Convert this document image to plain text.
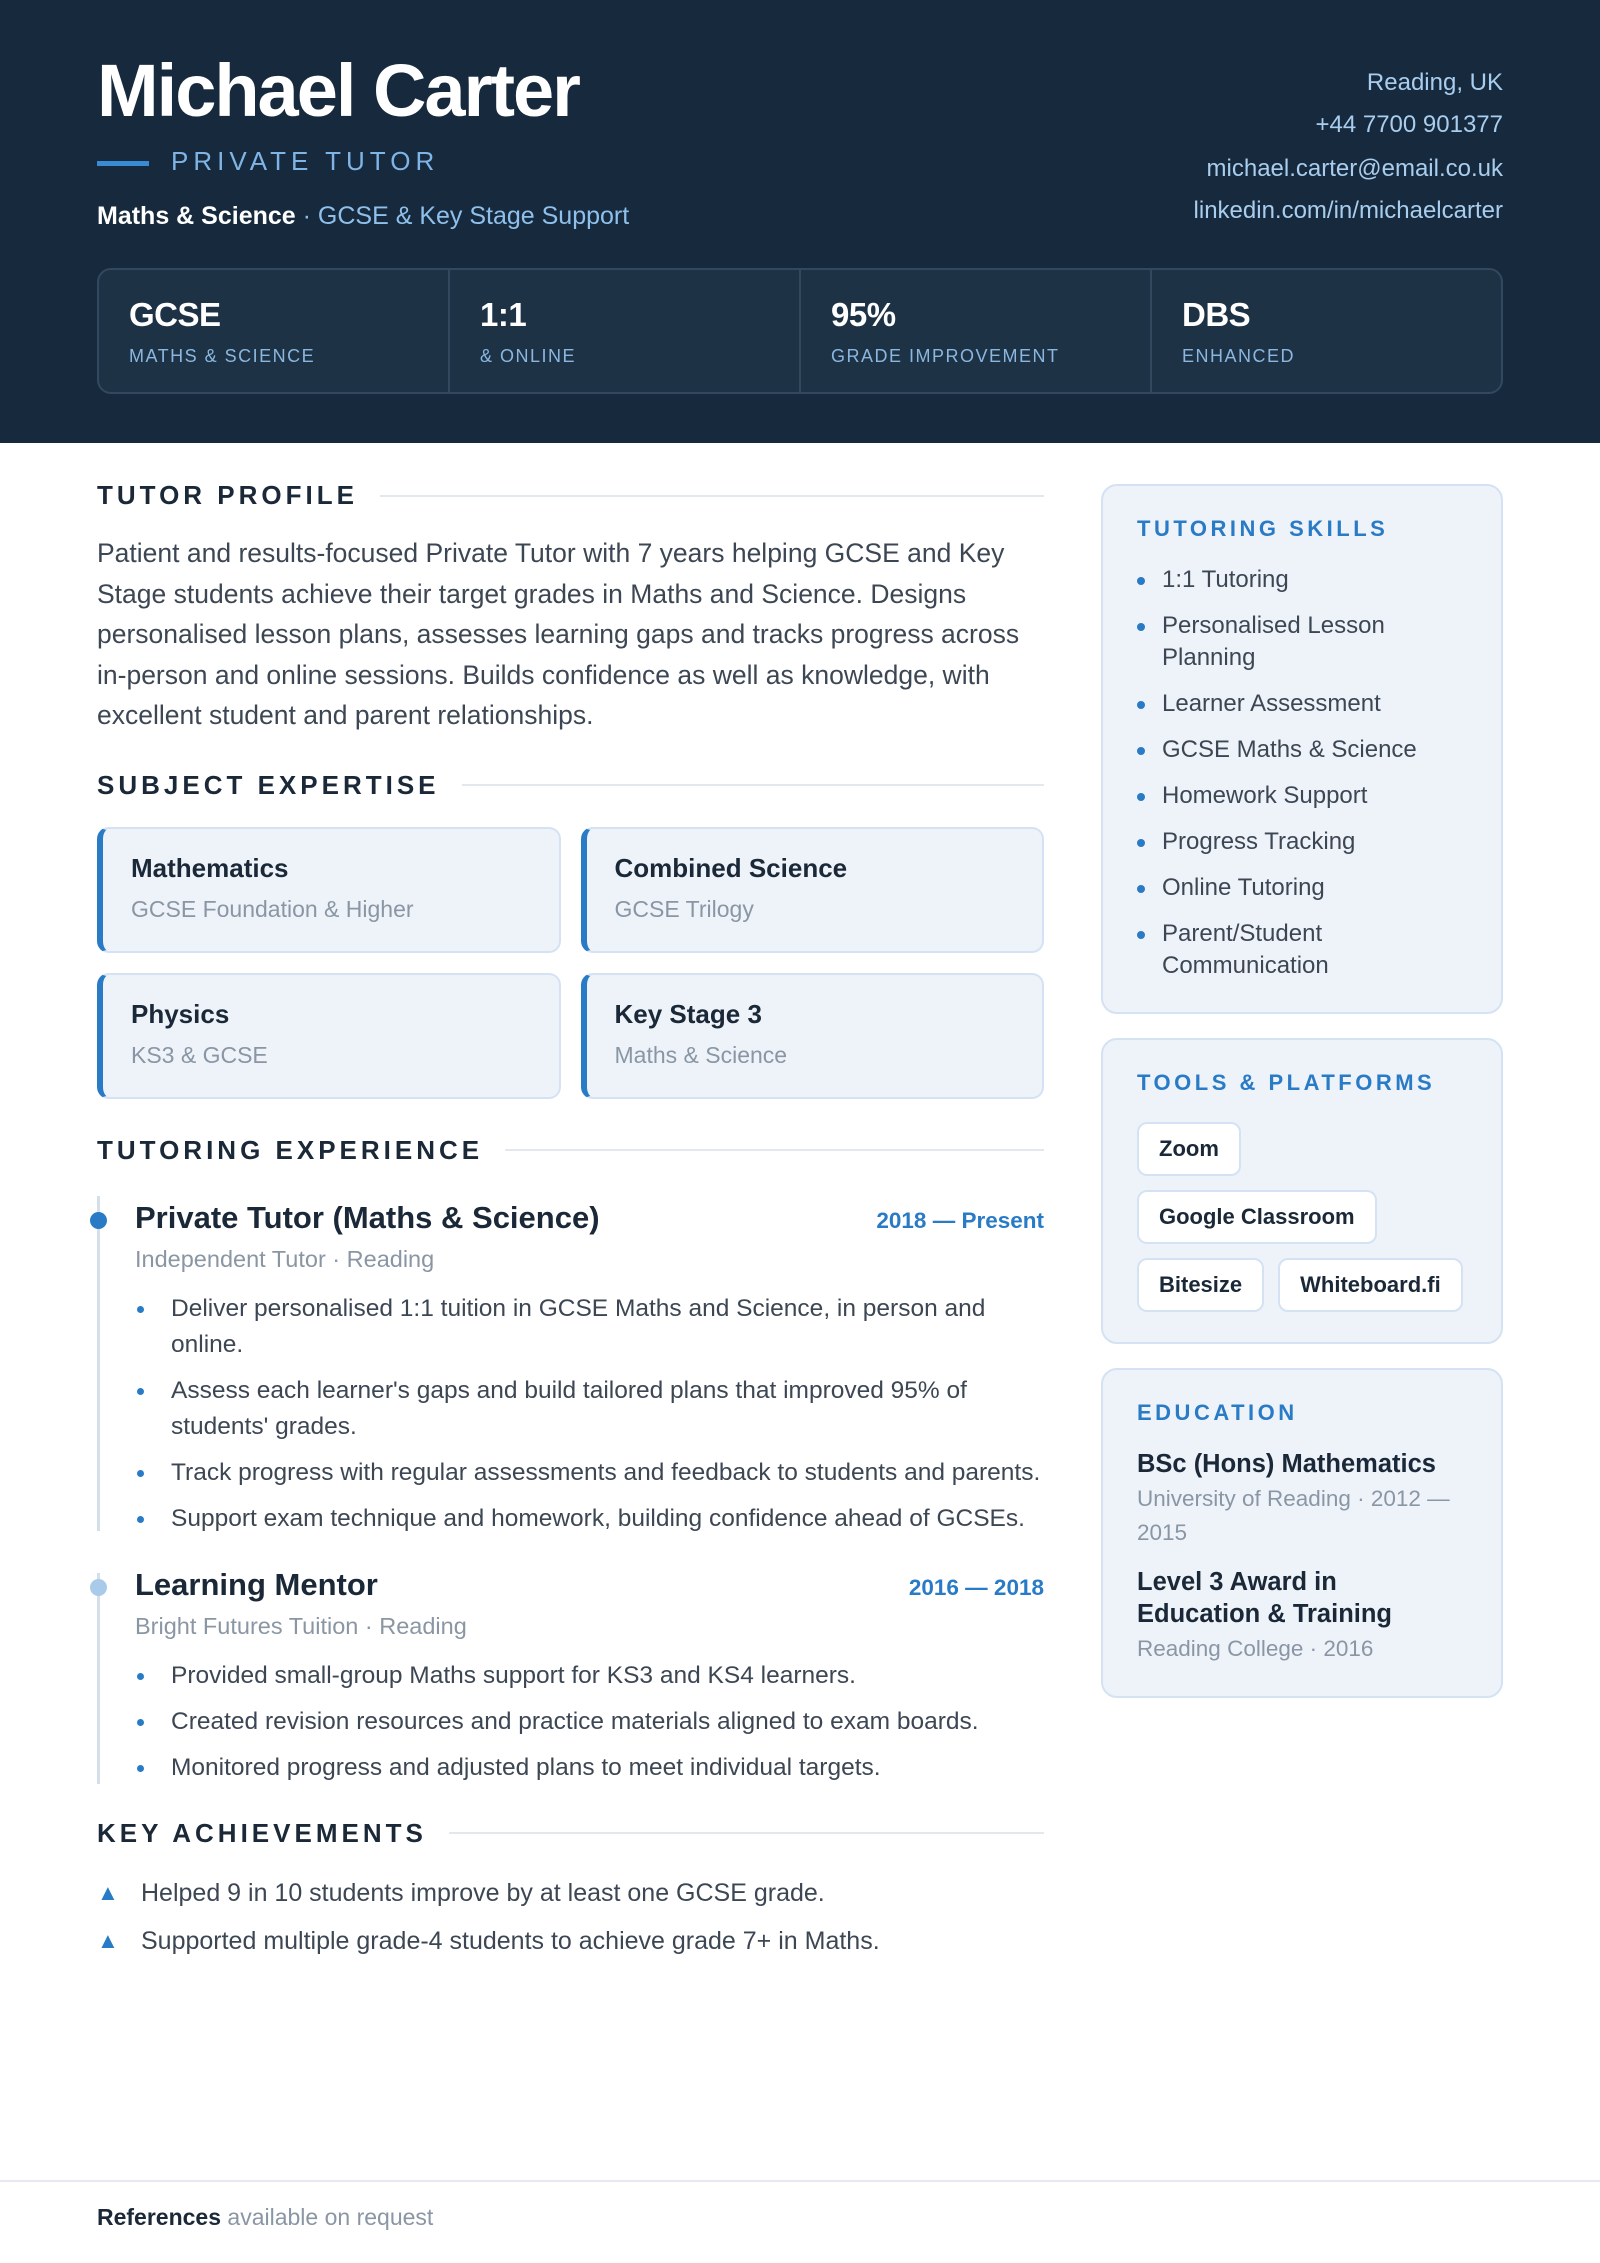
Michael Carter
PRIVATE TUTOR
Maths & Science · GCSE & Key Stage Support
Reading, UK
+44 7700 901377
michael.carter@email.co.uk
linkedin.com/in/michaelcarter
GCSE
MATHS & SCIENCE
1:1
& ONLINE
95%
GRADE IMPROVEMENT
DBS
ENHANCED
TUTOR PROFILE

Patient and results-focused Private Tutor with 7 years helping GCSE and Key Stage students achieve their target grades in Maths and Science. Designs personalised lesson plans, assesses learning gaps and tracks progress across in-person and online sessions. Builds confidence as well as knowledge, with excellent student and parent relationships.

SUBJECT EXPERTISE
Mathematics
GCSE Foundation & Higher
Combined Science
GCSE Trilogy
Physics
KS3 & GCSE
Key Stage 3
Maths & Science
TUTORING EXPERIENCE
Private Tutor (Maths & Science)	2018 — Present
Independent Tutor · Reading
Deliver personalised 1:1 tuition in GCSE Maths and Science, in person and online.
Assess each learner's gaps and build tailored plans that improved 95% of students' grades.
Track progress with regular assessments and feedback to students and parents.
Support exam technique and homework, building confidence ahead of GCSEs.
Learning Mentor	2016 — 2018
Bright Futures Tuition · Reading
Provided small-group Maths support for KS3 and KS4 learners.
Created revision resources and practice materials aligned to exam boards.
Monitored progress and adjusted plans to meet individual targets.
KEY ACHIEVEMENTS
▲ Helped 9 in 10 students improve by at least one GCSE grade.
▲ Supported multiple grade-4 students to achieve grade 7+ in Maths.
TUTORING SKILLS
1:1 Tutoring
Personalised Lesson Planning
Learner Assessment
GCSE Maths & Science
Homework Support
Progress Tracking
Online Tutoring
Parent/Student Communication
TOOLS & PLATFORMS
Zoom
Google Classroom
Bitesize	Whiteboard.fi
EDUCATION
BSc (Hons) Mathematics
University of Reading · 2012 — 2015
Level 3 Award in Education & Training
Reading College · 2016
References available on request
